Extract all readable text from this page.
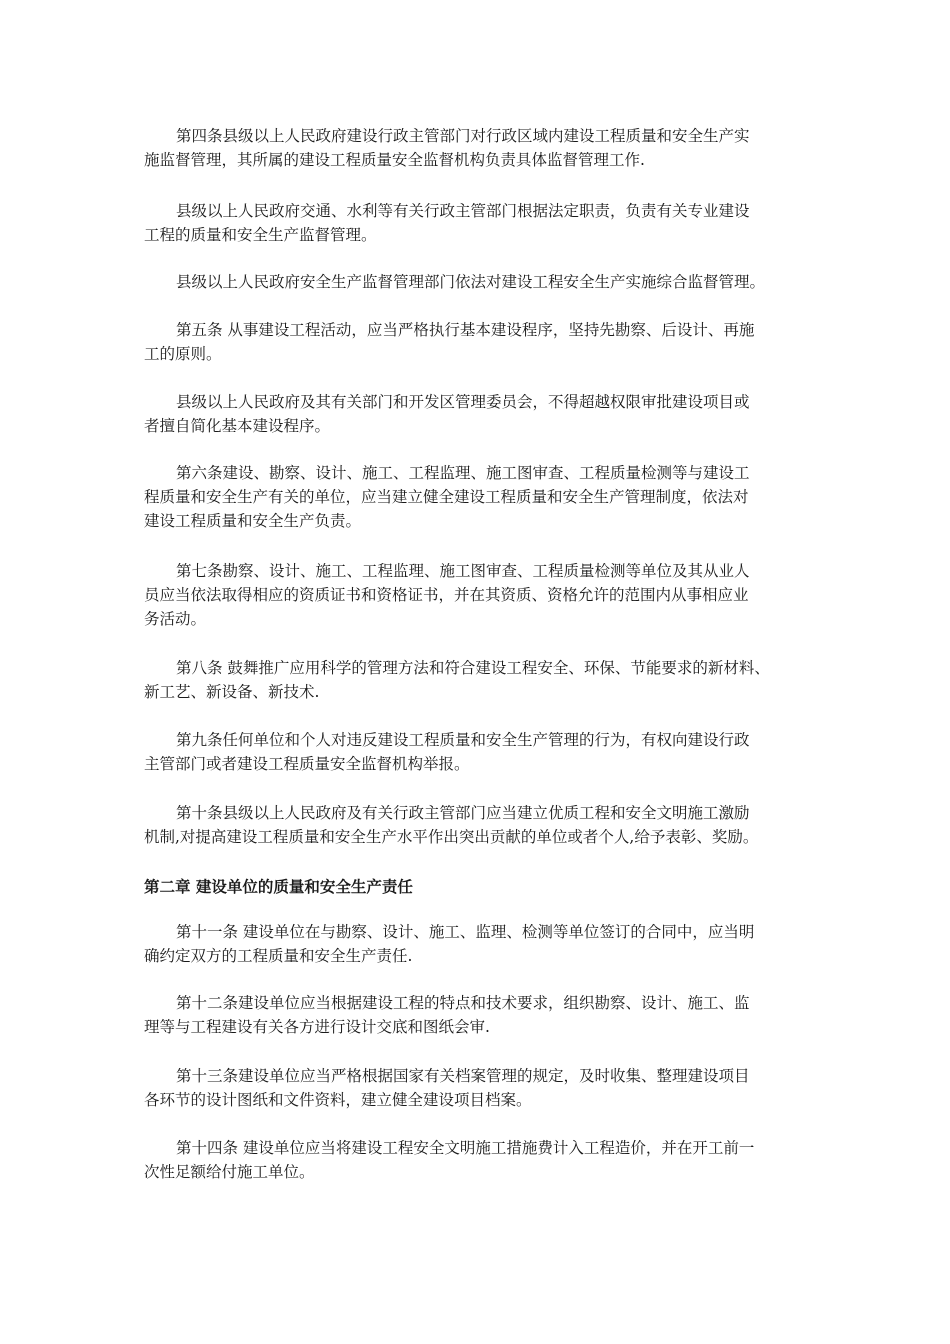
第四条县级以上人民政府建设行政主管部门对行政区域内建设工程质量和安全生产实
施监督管理，其所属的建设工程质量安全监督机构负责具体监督管理工作.
县级以上人民政府交通、水利等有关行政主管部门根据法定职责，负责有关专业建设
工程的质量和安全生产监督管理。
县级以上人民政府安全生产监督管理部门依法对建设工程安全生产实施综合监督管理。
第五条 从事建设工程活动，应当严格执行基本建设程序，坚持先勘察、后设计、再施
工的原则。
县级以上人民政府及其有关部门和开发区管理委员会，不得超越权限审批建设项目或
者擅自简化基本建设程序。
第六条建设、勘察、设计、施工、工程监理、施工图审查、工程质量检测等与建设工
程质量和安全生产有关的单位，应当建立健全建设工程质量和安全生产管理制度，依法对
建设工程质量和安全生产负责。
第七条勘察、设计、施工、工程监理、施工图审查、工程质量检测等单位及其从业人
员应当依法取得相应的资质证书和资格证书，并在其资质、资格允许的范围内从事相应业
务活动。
第八条 鼓舞推广应用科学的管理方法和符合建设工程安全、环保、节能要求的新材料、
新工艺、新设备、新技术.
第九条任何单位和个人对违反建设工程质量和安全生产管理的行为，有权向建设行政
主管部门或者建设工程质量安全监督机构举报。
第十条县级以上人民政府及有关行政主管部门应当建立优质工程和安全文明施工激励
机制,对提高建设工程质量和安全生产水平作出突出贡献的单位或者个人,给予表彰、奖励。
第二章 建设单位的质量和安全生产责任
第十一条 建设单位在与勘察、设计、施工、监理、检测等单位签订的合同中，应当明
确约定双方的工程质量和安全生产责任.
第十二条建设单位应当根据建设工程的特点和技术要求，组织勘察、设计、施工、监
理等与工程建设有关各方进行设计交底和图纸会审.
第十三条建设单位应当严格根据国家有关档案管理的规定，及时收集、整理建设项目
各环节的设计图纸和文件资料，建立健全建设项目档案。
第十四条 建设单位应当将建设工程安全文明施工措施费计入工程造价，并在开工前一
次性足额给付施工单位。
